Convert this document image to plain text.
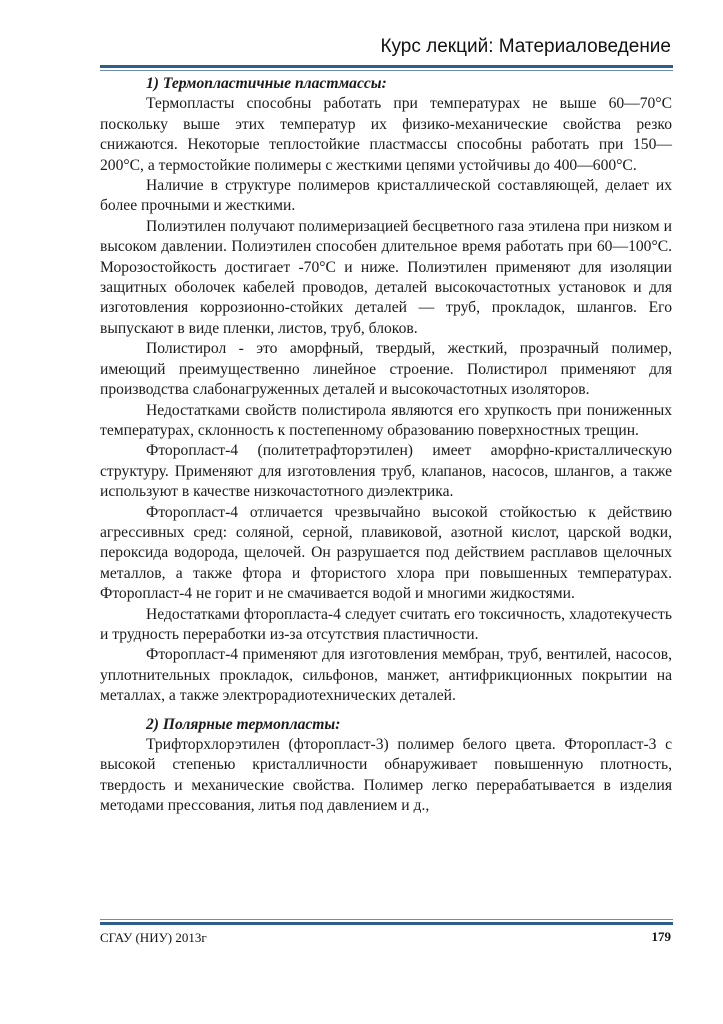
Курс лекций: Материаловедение
1) Термопластичные пластмассы:

Термопласты способны работать при температурах не выше 60—70°С поскольку выше этих температур их физико-механические свойства резко снижаются. Некоторые теплостойкие пластмассы способны работать при 150—200°С, а термостойкие полимеры с жесткими цепями устойчивы до 400—600°С.

Наличие в структуре полимеров кристаллической составляющей, делает их более прочными и жесткими.

Полиэтилен получают полимеризацией бесцветного газа этилена при низком и высоком давлении. Полиэтилен способен длительное время работать при 60—100°С. Морозостойкость достигает -70°С и ниже. Полиэтилен применяют для изоляции защитных оболочек кабелей проводов, деталей высокочастотных установок и для изготовления коррозионно-стойких деталей — труб, прокладок, шлангов. Его выпускают в виде пленки, листов, труб, блоков.

Полистирол - это аморфный, твердый, жесткий, прозрачный полимер, имеющий преимущественно линейное строение. Полистирол применяют для производства слабонагруженных деталей и высокочастотных изоляторов.

Недостатками свойств полистирола являются его хрупкость при пониженных температурах, склонность к постепенному образованию поверхностных трещин.

Фторопласт-4 (политетрафторэтилен) имеет аморфно-кристаллическую структуру. Применяют для изготовления труб, клапанов, насосов, шлангов, а также используют в качестве низкочастотного диэлектрика.

Фторопласт-4 отличается чрезвычайно высокой стойкостью к действию агрессивных сред: соляной, серной, плавиковой, азотной кислот, царской водки, пероксида водорода, щелочей. Он разрушается под действием расплавов щелочных металлов, а также фтора и фтористого хлора при повышенных температурах. Фторопласт-4 не горит и не смачивается водой и многими жидкостями.

Недостатками фторопласта-4 следует считать его токсичность, хладотекучесть и трудность переработки из-за отсутствия пластичности.

Фторопласт-4 применяют для изготовления мембран, труб, вентилей, насосов, уплотнительных прокладок, сильфонов, манжет, антифрикционных покрытии на металлах, а также электрорадиотехнических деталей.

2) Полярные термопласты:

Трифторхлорэтилен (фторопласт-3) полимер белого цвета. Фторопласт-3 с высокой степенью кристалличности обнаруживает повышенную плотность, твердость и механические свойства. Полимер легко перерабатывается в изделия методами прессования, литья под давлением и д.,

СГАУ (НИУ) 2013г	179
